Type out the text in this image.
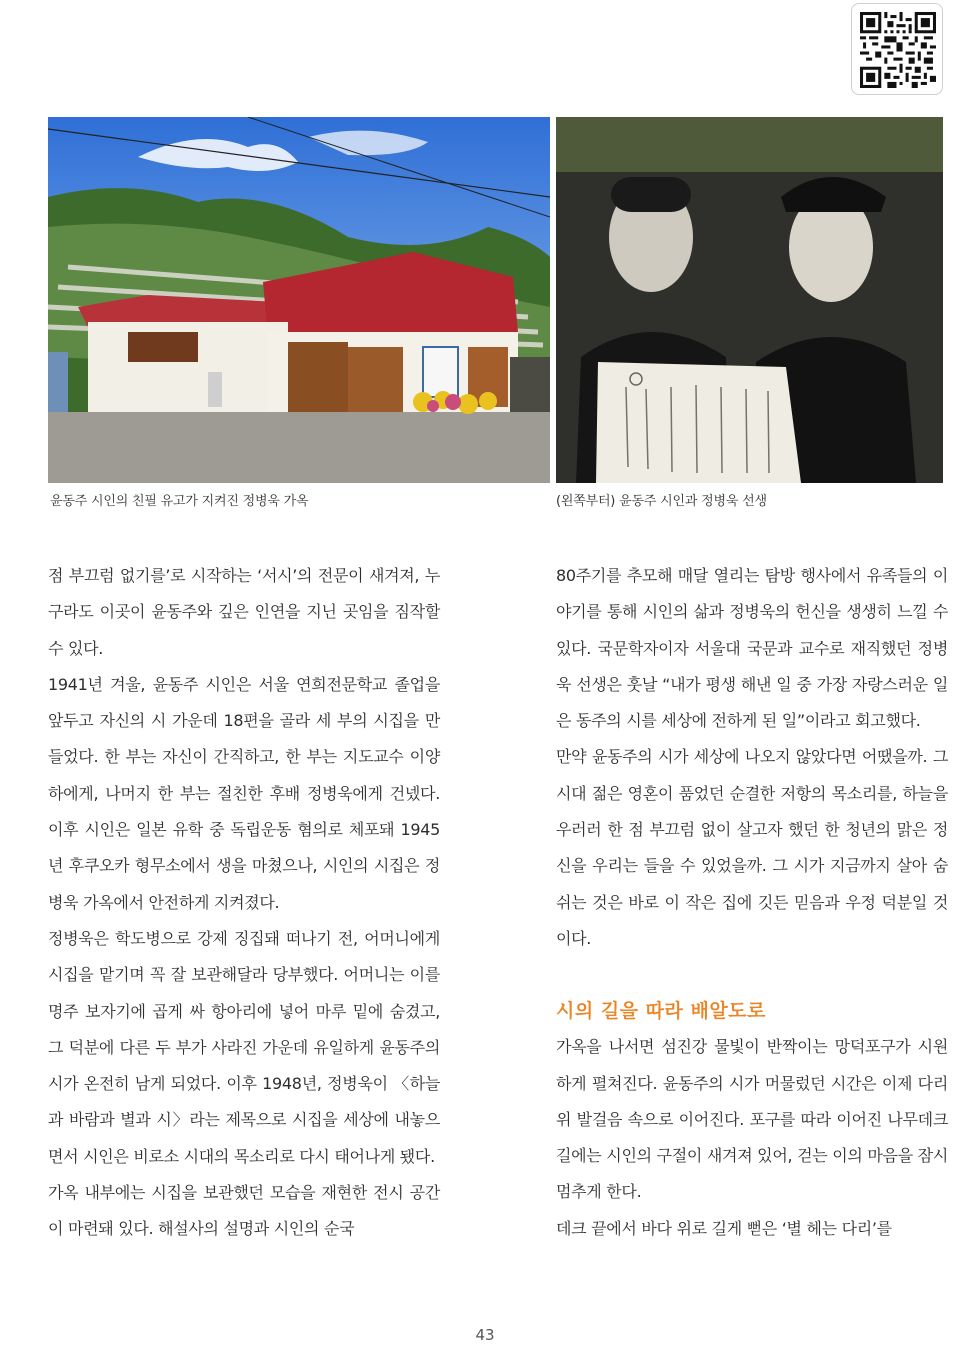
윤동주 시인의 친필 유고가 지켜진 정병욱 가옥	(왼쪽부터) 윤동주 시인과 정병욱 선생

점 부끄럼 없기를’로 시작하는 ‘서시’의 전문이 새겨져, 누구라도 이곳이 윤동주와 깊은 인연을 지닌 곳임을 짐작할 수 있다.

1941년 겨울, 윤동주 시인은 서울 연희전문학교 졸업을 앞두고 자신의 시 가운데 18편을 골라 세 부의 시집을 만들었다. 한 부는 자신이 간직하고, 한 부는 지도교수 이양하에게, 나머지 한 부는 절친한 후배 정병욱에게 건넸다. 이후 시인은 일본 유학 중 독립운동 혐의로 체포돼 1945년 후쿠오카 형무소에서 생을 마쳤으나, 시인의 시집은 정병욱 가옥에서 안전하게 지켜졌다.

정병욱은 학도병으로 강제 징집돼 떠나기 전, 어머니에게 시집을 맡기며 꼭 잘 보관해달라 당부했다. 어머니는 이를 명주 보자기에 곱게 싸 항아리에 넣어 마루 밑에 숨겼고, 그 덕분에 다른 두 부가 사라진 가운데 유일하게 윤동주의 시가 온전히 남게 되었다. 이후 1948년, 정병욱이 〈하늘과 바람과 별과 시〉라는 제목으로 시집을 세상에 내놓으면서 시인은 비로소 시대의 목소리로 다시 태어나게 됐다.

가옥 내부에는 시집을 보관했던 모습을 재현한 전시 공간이 마련돼 있다. 해설사의 설명과 시인의 순국

80주기를 추모해 매달 열리는 탐방 행사에서 유족들의 이야기를 통해 시인의 삶과 정병욱의 헌신을 생생히 느낄 수 있다. 국문학자이자 서울대 국문과 교수로 재직했던 정병욱 선생은 훗날 “내가 평생 해낸 일 중 가장 자랑스러운 일은 동주의 시를 세상에 전하게 된 일”이라고 회고했다.

만약 윤동주의 시가 세상에 나오지 않았다면 어땠을까. 그 시대 젊은 영혼이 품었던 순결한 저항의 목소리를, 하늘을 우러러 한 점 부끄럼 없이 살고자 했던 한 청년의 맑은 정신을 우리는 들을 수 있었을까. 그 시가 지금까지 살아 숨 쉬는 것은 바로 이 작은 집에 깃든 믿음과 우정 덕분일 것이다.

시의 길을 따라 배알도로

가옥을 나서면 섬진강 물빛이 반짝이는 망덕포구가 시원하게 펼쳐진다. 윤동주의 시가 머물렀던 시간은 이제 다리 위 발걸음 속으로 이어진다. 포구를 따라 이어진 나무데크길에는 시인의 구절이 새겨져 있어, 걷는 이의 마음을 잠시 멈추게 한다.

데크 끝에서 바다 위로 길게 뻗은 ‘별 헤는 다리’를

43
